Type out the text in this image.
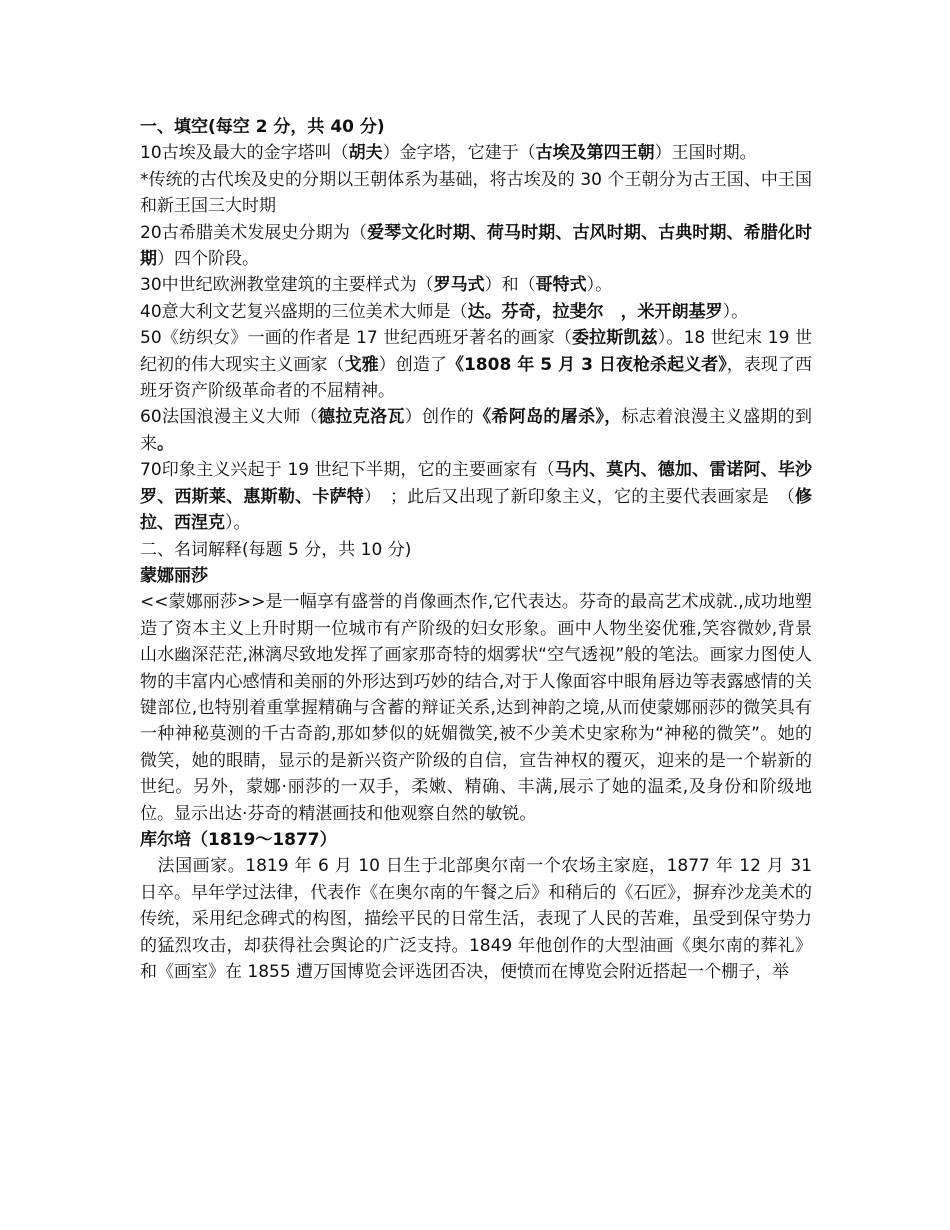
一、填空(每空 2 分，共 40 分)

10古埃及最大的金字塔叫（胡夫）金字塔，它建于（古埃及第四王朝）王国时期。

*传统的古代埃及史的分期以王朝体系为基础，将古埃及的 30 个王朝分为古王国、中王国和新王国三大时期

20古希腊美术发展史分期为（爱琴文化时期、荷马时期、古风时期、古典时期、希腊化时期）四个阶段。

30中世纪欧洲教堂建筑的主要样式为（罗马式）和（哥特式）。

40意大利文艺复兴盛期的三位美术大师是（达。芬奇，拉斐尔　，米开朗基罗）。

50《纺织女》一画的作者是 17 世纪西班牙著名的画家（委拉斯凯兹）。18 世纪末 19 世纪初的伟大现实主义画家（戈雅）创造了《1808 年 5 月 3 日夜枪杀起义者》，表现了西班牙资产阶级革命者的不屈精神。

60法国浪漫主义大师（德拉克洛瓦）创作的《希阿岛的屠杀》，标志着浪漫主义盛期的到来。

70印象主义兴起于 19 世纪下半期，它的主要画家有（马内、莫内、德加、雷诺阿、毕沙罗、西斯莱、惠斯勒、卡萨特）　；此后又出现了新印象主义，它的主要代表画家是　（修拉、西涅克）。

二、名词解释(每题 5 分，共 10 分)

蒙娜丽莎

<<蒙娜丽莎>>是一幅享有盛誉的肖像画杰作,它代表达。芬奇的最高艺术成就.,成功地塑造了资本主义上升时期一位城市有产阶级的妇女形象。画中人物坐姿优雅,笑容微妙,背景山水幽深茫茫,淋漓尽致地发挥了画家那奇特的烟雾状“空气透视”般的笔法。画家力图使人物的丰富内心感情和美丽的外形达到巧妙的结合,对于人像面容中眼角唇边等表露感情的关键部位,也特别着重掌握精确与含蓄的辩证关系,达到神韵之境,从而使蒙娜丽莎的微笑具有一种神秘莫测的千古奇韵,那如梦似的妩媚微笑,被不少美术史家称为“神秘的微笑”。她的微笑，她的眼睛，显示的是新兴资产阶级的自信，宣告神权的覆灭，迎来的是一个崭新的世纪。另外，蒙娜·丽莎的一双手，柔嫩、精确、丰满,展示了她的温柔,及身份和阶级地位。显示出达·芬奇的精湛画技和他观察自然的敏锐。

库尔培（1819～1877）

　法国画家。1819 年 6 月 10 日生于北部奥尔南一个农场主家庭，1877 年 12 月 31 日卒。早年学过法律，代表作《在奥尔南的午餐之后》和稍后的《石匠》，摒弃沙龙美术的传统，采用纪念碑式的构图，描绘平民的日常生活，表现了人民的苦难，虽受到保守势力的猛烈攻击，却获得社会舆论的广泛支持。1849 年他创作的大型油画《奥尔南的葬礼》和《画室》在 1855 遭万国博览会评选团否决，便愤而在博览会附近搭起一个棚子，举
